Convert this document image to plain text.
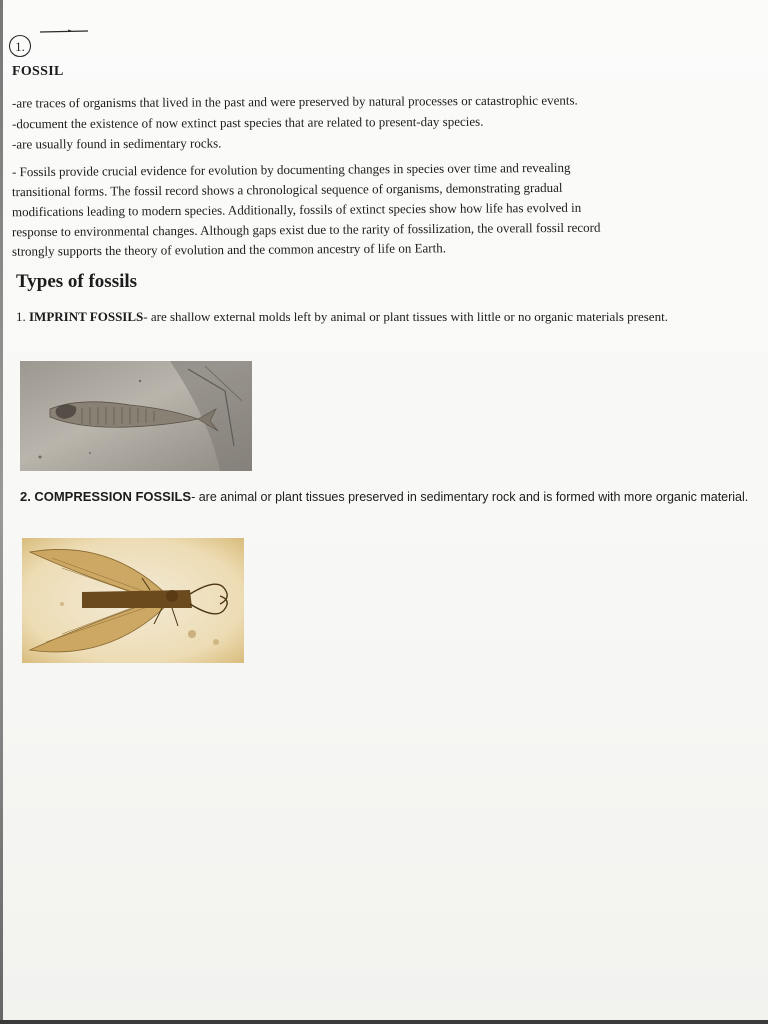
1.
FOSSIL
-are traces of organisms that lived in the past and were preserved by natural processes or catastrophic events.
-document the existence of now extinct past species that are related to present-day species.
-are usually found in sedimentary rocks.
- Fossils provide crucial evidence for evolution by documenting changes in species over time and revealing
transitional forms. The fossil record shows a chronological sequence of organisms, demonstrating gradual
modifications leading to modern species. Additionally, fossils of extinct species show how life has evolved in
response to environmental changes. Although gaps exist due to the rarity of fossilization, the overall fossil record
strongly supports the theory of evolution and the common ancestry of life on Earth.
Types of fossils
1. IMPRINT FOSSILS- are shallow external molds left by animal or plant tissues with little or no organic materials present.
2. COMPRESSION FOSSILS- are animal or plant tissues preserved in sedimentary rock and is formed with more organic material.
